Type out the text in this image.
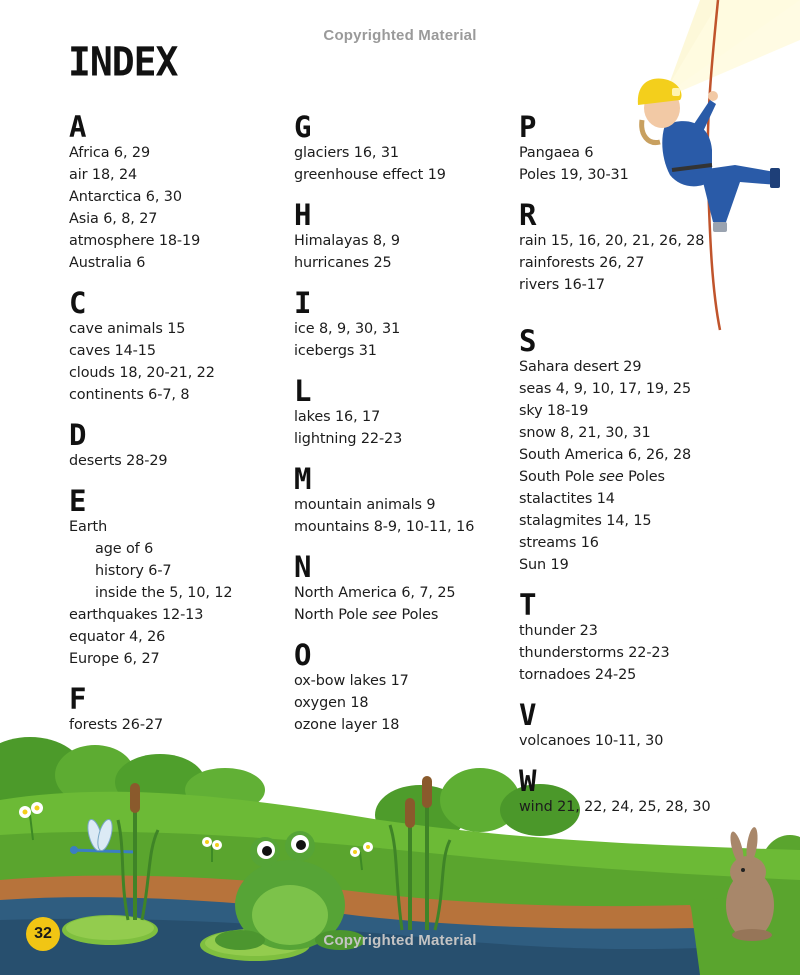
Copyrighted Material
INDEX
A
Africa 6, 29
air 18, 24
Antarctica 6, 30
Asia 6, 8, 27
atmosphere 18-19
Australia 6
C
cave animals 15
caves 14-15
clouds 18, 20-21, 22
continents 6-7, 8
D
deserts 28-29
E
Earth
age of 6
history 6-7
inside the 5, 10, 12
earthquakes 12-13
equator 4, 26
Europe 6, 27
F
forests 26-27
G
glaciers 16, 31
greenhouse effect 19
H
Himalayas 8, 9
hurricanes 25
I
ice 8, 9, 30, 31
icebergs 31
L
lakes 16, 17
lightning 22-23
M
mountain animals 9
mountains 8-9, 10-11, 16
N
North America 6, 7, 25
North Pole see Poles
O
ox-bow lakes 17
oxygen 18
ozone layer 18
P
Pangaea 6
Poles 19, 30-31
R
rain 15, 16, 20, 21, 26, 28
rainforests 26, 27
rivers 16-17
S
Sahara desert 29
seas 4, 9, 10, 17, 19, 25
sky 18-19
snow 8, 21, 30, 31
South America 6, 26, 28
South Pole see Poles
stalactites 14
stalagmites 14, 15
streams 16
Sun 19
T
thunder 23
thunderstorms 22-23
tornadoes 24-25
V
volcanoes 10-11, 30
W
wind 21, 22, 24, 25, 28, 30
Copyrighted Material
32
